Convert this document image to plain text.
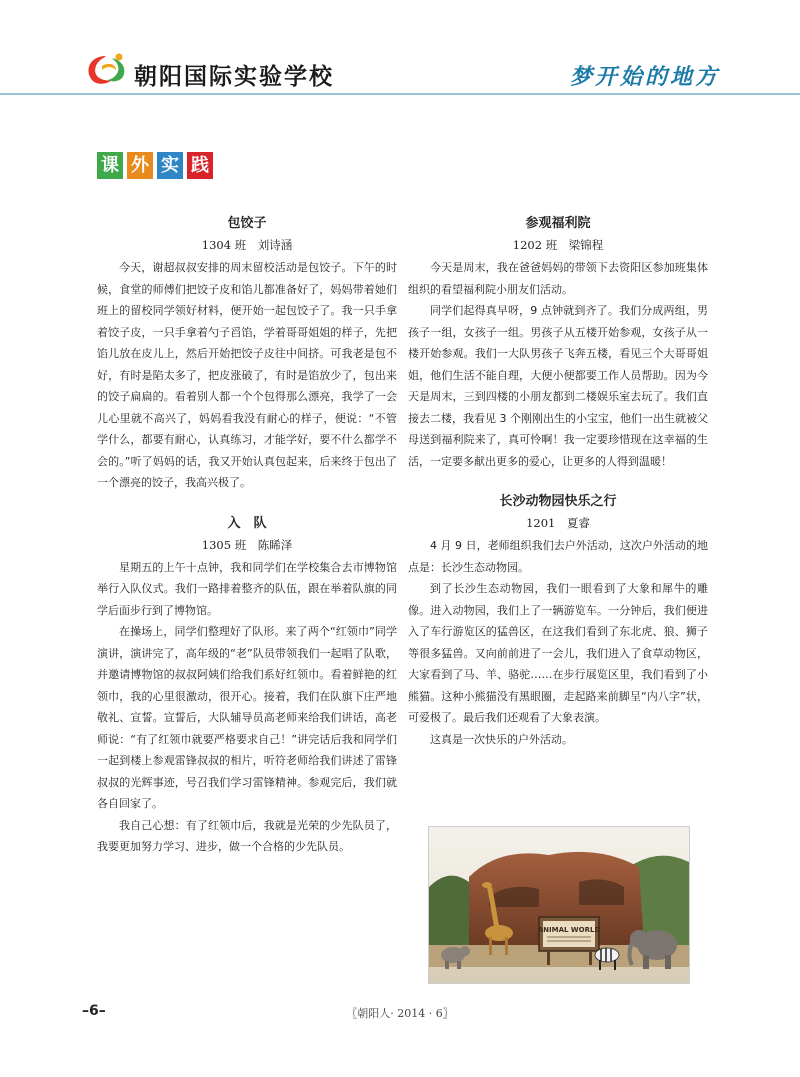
朝阳国际实验学校	梦开始的地方
课 外 实 践
包饺子
1304 班　刘诗涵

今天，谢超叔叔安排的周末留校活动是包饺子。下午的时候，食堂的师傅们把饺子皮和馅儿都准备好了，妈妈带着她们班上的留校同学领好材料，便开始一起包饺子了。我一只手拿着饺子皮，一只手拿着勺子舀馅，学着哥哥姐姐的样子，先把馅儿放在皮儿上，然后开始把饺子皮往中间挤。可我老是包不好，有时是陷太多了，把皮涨破了，有时是馅放少了，包出来的饺子扁扁的。看着别人都一个个包得那么漂亮，我学了一会儿心里就不高兴了，妈妈看我没有耐心的样子，便说：“不管学什么，都要有耐心，认真练习，才能学好，要不什么都学不会的。”听了妈妈的话，我又开始认真包起来，后来终于包出了一个漂亮的饺子，我高兴极了。

入　队
1305 班　陈睎泽

星期五的上午十点钟，我和同学们在学校集合去市博物馆举行入队仪式。我们一路排着整齐的队伍，跟在举着队旗的同学后面步行到了博物馆。

在操场上，同学们整理好了队形。来了两个“红领巾”同学演讲，演讲完了，高年级的“老”队员带领我们一起唱了队歌，并邀请博物馆的叔叔阿姨们给我们系好红领巾。看着鲜艳的红领巾，我的心里很激动，很开心。接着，我们在队旗下庄严地敬礼、宣誓。宣誓后，大队辅导员高老师来给我们讲话，高老师说：“有了红领巾就要严格要求自己！”讲完话后我和同学们一起到楼上参观雷锋叔叔的相片，听符老师给我们讲述了雷锋叔叔的光辉事迹，号召我们学习雷锋精神。参观完后，我们就各自回家了。

我自己心想：有了红领巾后，我就是光荣的少先队员了，我要更加努力学习、进步，做一个合格的少先队员。

参观福利院
1202 班　梁锦程

今天是周末，我在爸爸妈妈的带领下去资阳区参加班集体组织的看望福利院小朋友们活动。

同学们起得真早呀，9 点钟就到齐了。我们分成两组，男孩子一组，女孩子一组。男孩子从五楼开始参观，女孩子从一楼开始参观。我们一大队男孩子飞奔五楼，看见三个大哥哥姐姐，他们生活不能自理，大便小便都要工作人员帮助。因为今天是周末，三到四楼的小朋友都到二楼娱乐室去玩了。我们直接去二楼，我看见 3 个刚刚出生的小宝宝，他们一出生就被父母送到福利院来了，真可怜啊！我一定要珍惜现在这幸福的生活，一定要多献出更多的爱心，让更多的人得到温暖！

长沙动物园快乐之行
1201　夏睿

4 月 9 日，老师组织我们去户外活动，这次户外活动的地点是：长沙生态动物园。

到了长沙生态动物园，我们一眼看到了大象和犀牛的雕像。进入动物园，我们上了一辆游览车。一分钟后，我们便进入了车行游览区的猛兽区，在这我们看到了东北虎、狼、狮子等很多猛兽。又向前前进了一会儿，我们进入了食草动物区，大家看到了马、羊、骆驼……在步行展览区里，我们看到了小熊猫。这种小熊猫没有黑眼圈，走起路来前脚呈“内八字”状，可爱极了。最后我们还观看了大象表演。

这真是一次快乐的户外活动。

ANIMAL WORLD
–6–	〖朝阳人· 2014 · 6〗
